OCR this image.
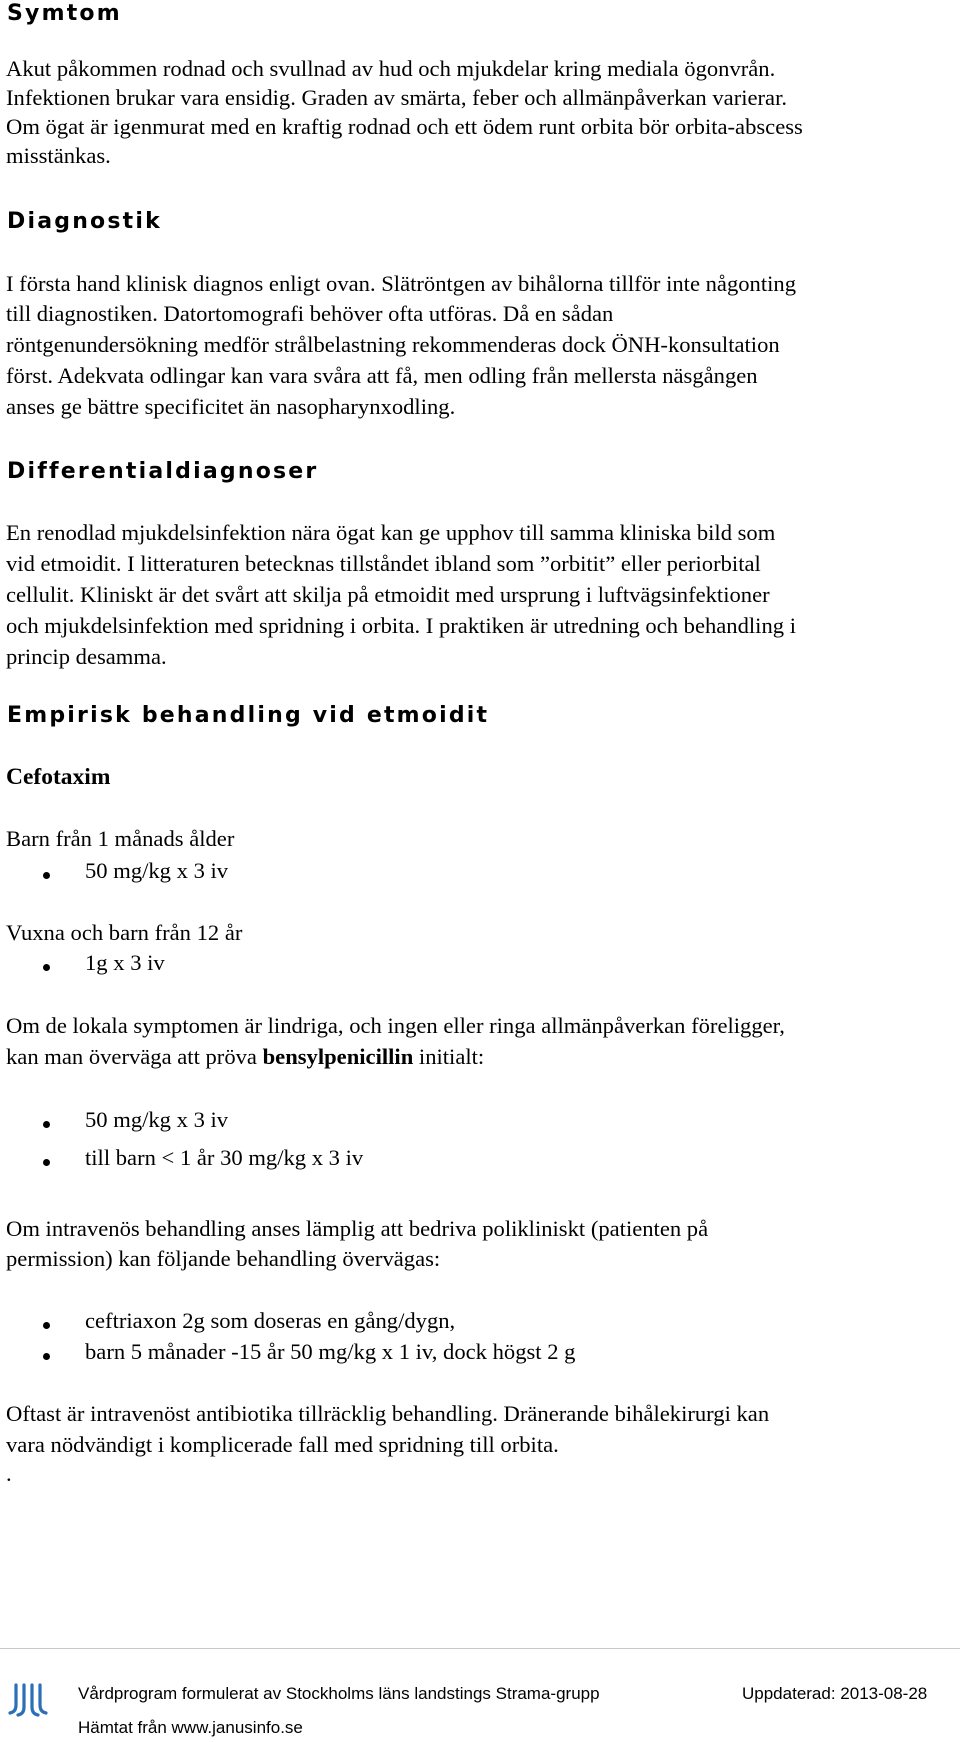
Symtom

Akut påkommen rodnad och svullnad av hud och mjukdelar kring mediala ögonvrån.

Infektionen brukar vara ensidig. Graden av smärta, feber och allmänpåverkan varierar.

Om ögat är igenmurat med en kraftig rodnad och ett ödem runt orbita bör orbita-abscess

misstänkas.

Diagnostik

I första hand klinisk diagnos enligt ovan. Slätröntgen av bihålorna tillför inte någonting

till diagnostiken. Datortomografi behöver ofta utföras. Då en sådan

röntgenundersökning medför strålbelastning rekommenderas dock ÖNH-konsultation

först. Adekvata odlingar kan vara svåra att få, men odling från mellersta näsgången

anses ge bättre specificitet än nasopharynxodling.

Differentialdiagnoser

En renodlad mjukdelsinfektion nära ögat kan ge upphov till samma kliniska bild som

vid etmoidit. I litteraturen betecknas tillståndet ibland som ”orbitit” eller periorbital

cellulit. Kliniskt är det svårt att skilja på etmoidit med ursprung i luftvägsinfektioner

och mjukdelsinfektion med spridning i orbita. I praktiken är utredning och behandling i

princip desamma.

Empirisk behandling vid etmoidit
Cefotaxim

Barn från 1 månads ålder

50 mg/kg x 3 iv

Vuxna och barn från 12 år

1g x 3 iv

Om de lokala symptomen är lindriga, och ingen eller ringa allmänpåverkan föreligger,

kan man överväga att pröva bensylpenicillin initialt:

50 mg/kg x 3 iv

till barn < 1 år 30 mg/kg x 3 iv

Om intravenös behandling anses lämplig att bedriva polikliniskt (patienten på

permission) kan följande behandling övervägas:

ceftriaxon 2g som doseras en gång/dygn,

barn 5 månader -15 år 50 mg/kg x 1 iv, dock högst 2 g

Oftast är intravenöst antibiotika tillräcklig behandling. Dränerande bihålekirurgi kan

vara nödvändigt i komplicerade fall med spridning till orbita.

.

Vårdprogram formulerat av Stockholms läns landstings Strama-grupp	Uppdaterad: 2013-08-28

Hämtat från www.janusinfo.se
